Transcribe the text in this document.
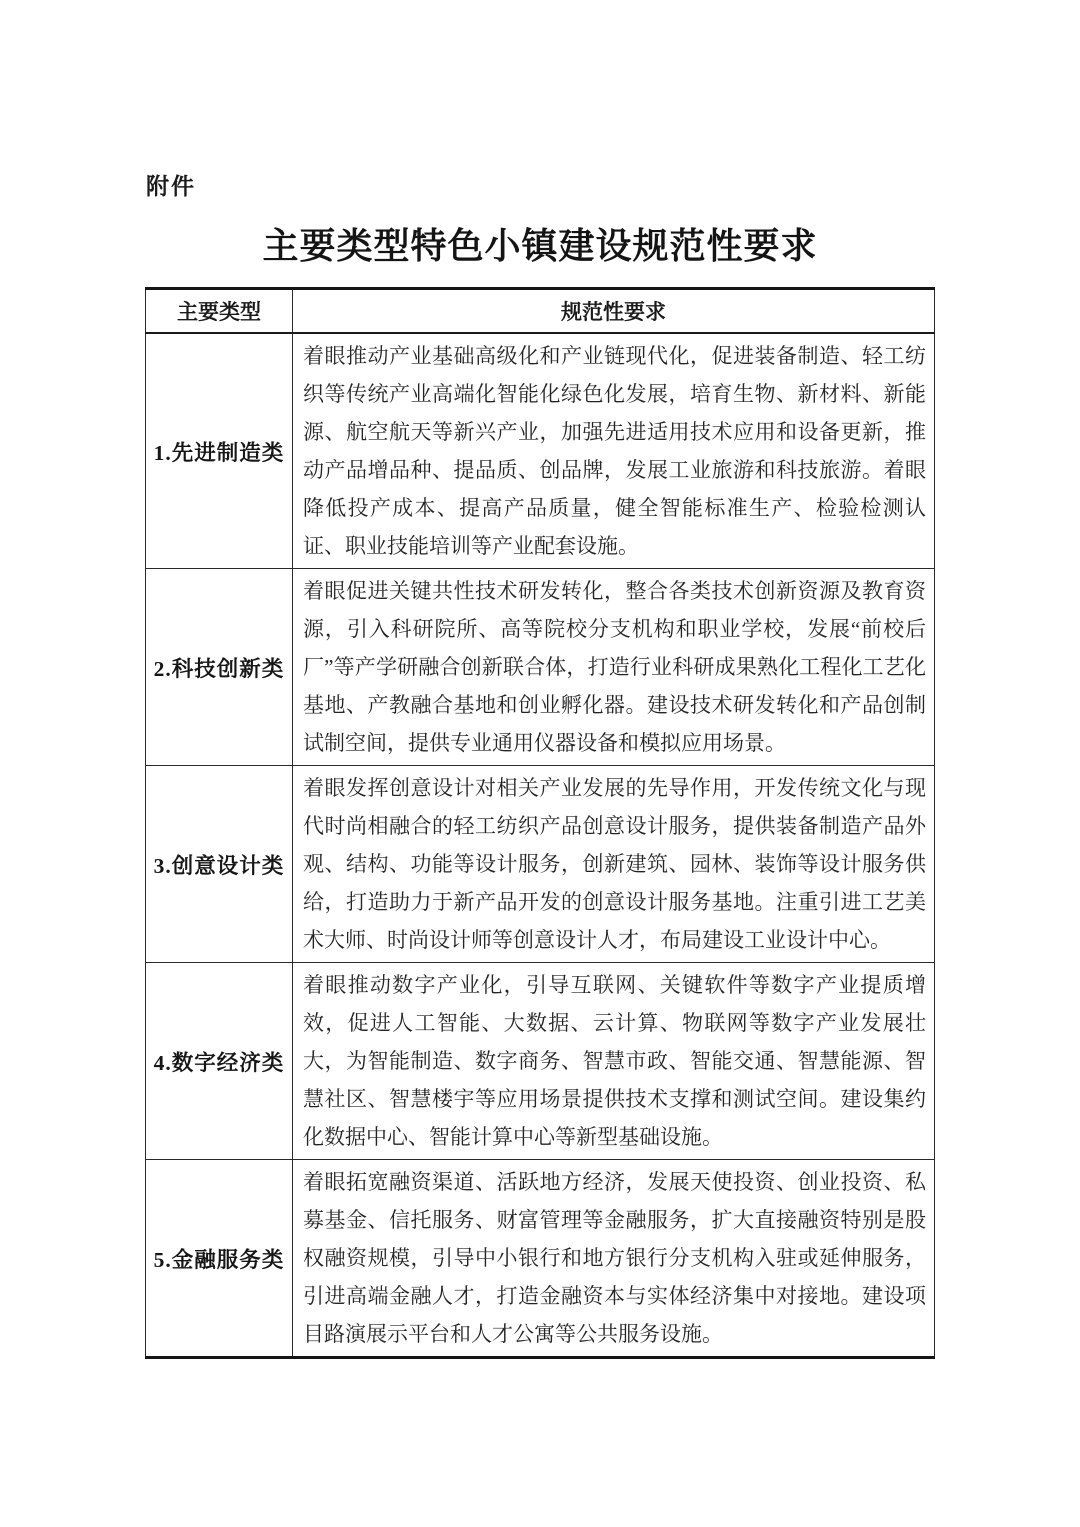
附件
主要类型特色小镇建设规范性要求
主要类型	规范性要求
1.先进制造类	着眼推动产业基础高级化和产业链现代化，促进装备制造、轻工纺织等传统产业高端化智能化绿色化发展，培育生物、新材料、新能源、航空航天等新兴产业，加强先进适用技术应用和设备更新，推动产品增品种、提品质、创品牌，发展工业旅游和科技旅游。着眼降低投产成本、提高产品质量，健全智能标准生产、检验检测认证、职业技能培训等产业配套设施。
2.科技创新类	着眼促进关键共性技术研发转化，整合各类技术创新资源及教育资源，引入科研院所、高等院校分支机构和职业学校，发展“前校后厂”等产学研融合创新联合体，打造行业科研成果熟化工程化工艺化基地、产教融合基地和创业孵化器。建设技术研发转化和产品创制试制空间，提供专业通用仪器设备和模拟应用场景。
3.创意设计类	着眼发挥创意设计对相关产业发展的先导作用，开发传统文化与现代时尚相融合的轻工纺织产品创意设计服务，提供装备制造产品外观、结构、功能等设计服务，创新建筑、园林、装饰等设计服务供给，打造助力于新产品开发的创意设计服务基地。注重引进工艺美术大师、时尚设计师等创意设计人才，布局建设工业设计中心。
4.数字经济类	着眼推动数字产业化，引导互联网、关键软件等数字产业提质增效，促进人工智能、大数据、云计算、物联网等数字产业发展壮大，为智能制造、数字商务、智慧市政、智能交通、智慧能源、智慧社区、智慧楼宇等应用场景提供技术支撑和测试空间。建设集约化数据中心、智能计算中心等新型基础设施。
5.金融服务类	着眼拓宽融资渠道、活跃地方经济，发展天使投资、创业投资、私募基金、信托服务、财富管理等金融服务，扩大直接融资特别是股权融资规模，引导中小银行和地方银行分支机构入驻或延伸服务，引进高端金融人才，打造金融资本与实体经济集中对接地。建设项目路演展示平台和人才公寓等公共服务设施。
